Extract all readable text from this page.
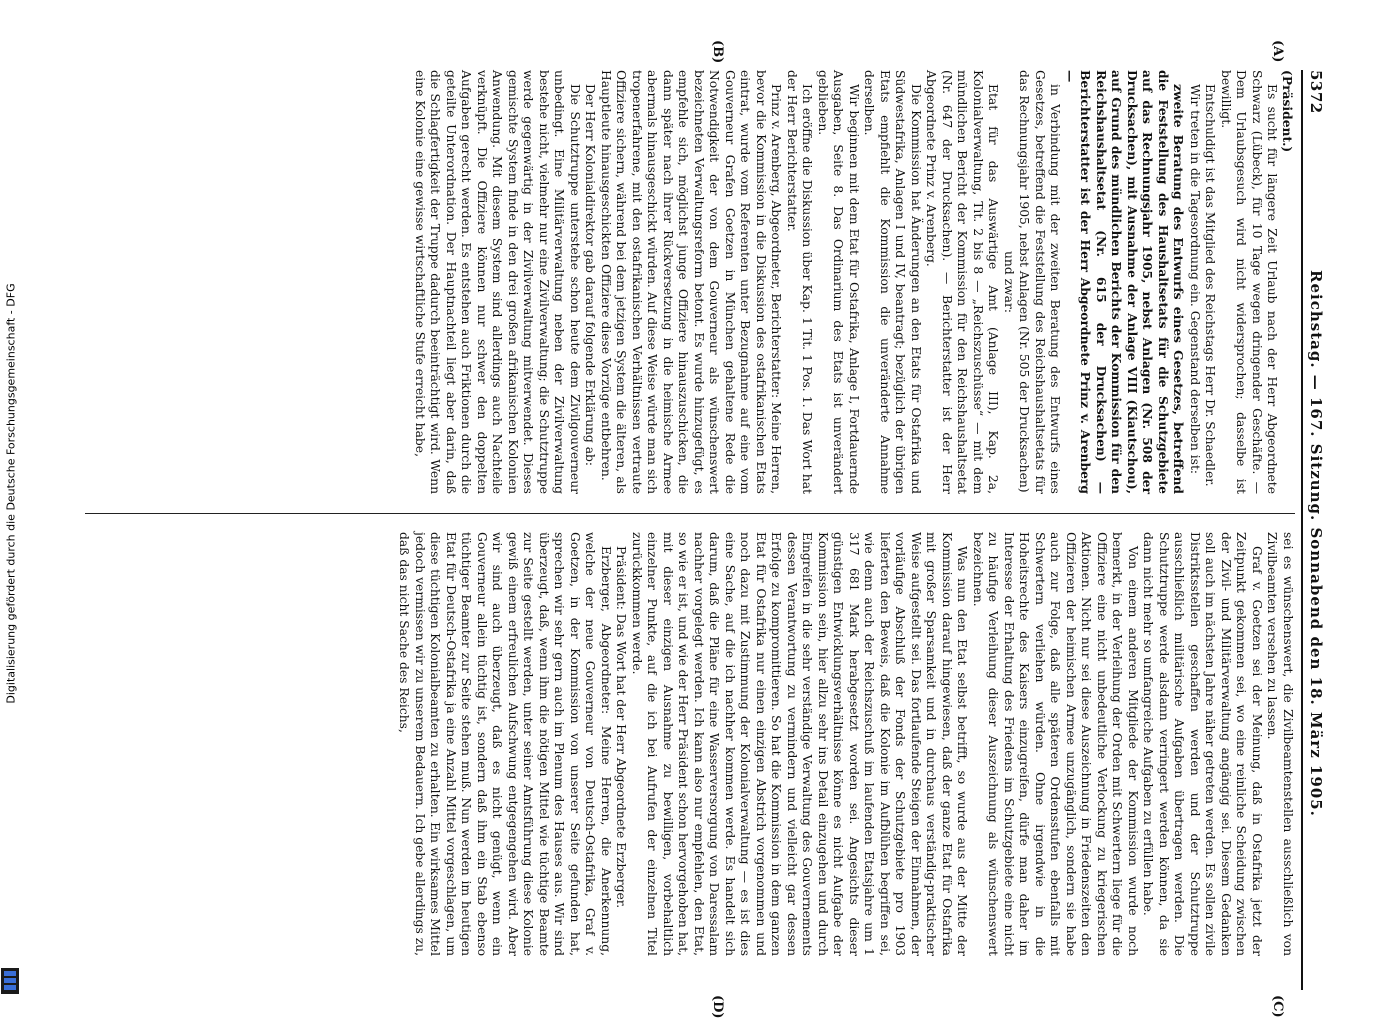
5372
Reichstag. — 167. Sitzung. Sonnabend den 18. März 1905.
(A)
(B)
(C)
(D)

(Präsident.)

Es sucht für längere Zeit Urlaub nach der Herr Abgeordnete Schwarz (Lübeck), für 10 Tage wegen dringender Geschäfte. — Dem Urlaubsgesuch wird nicht widersprochen; dasselbe ist bewilligt.

Entschuldigt ist das Mitglied des Reichstags Herr Dr. Schaedler.

Wir treten in die Tagesordnung ein. Gegenstand derselben ist:

zweite Beratung des Entwurfs eines Gesetzes, betreffend die Feststellung des Haushaltsetats für die Schutzgebiete auf das Rechnungsjahr 1905, nebst Anlagen (Nr. 508 der Drucksachen), mit Ausnahme der Anlage VIII (Kiautschou), auf Grund des mündlichen Berichts der Kommission für den Reichshaushaltsetat (Nr. 615 der Drucksachen) — Berichterstatter ist der Herr Abgeordnete Prinz v. Arenberg —

in Verbindung mit der zweiten Beratung des Entwurfs eines Gesetzes, betreffend die Feststellung des Reichshaushaltsetats für das Rechnungsjahr 1905, nebst Anlagen (Nr. 505 der Drucksachen)

und zwar:

Etat für das Auswärtige Amt (Anlage III), Kap. 2a, Kolonialverwaltung, Tit. 2 bis 8 — „Reichszuschüsse“ — mit dem mündlichen Bericht der Kommission für den Reichshaushaltsetat (Nr. 647 der Drucksachen). — Berichterstatter ist der Herr Abgeordnete Prinz v. Arenberg.

Die Kommission hat Änderungen an den Etats für Ostafrika und Südwestafrika, Anlagen I und IV, beantragt; bezüglich der übrigen Etats empfiehlt die Kommission die unveränderte Annahme derselben.

Wir beginnen mit dem Etat für Ostafrika, Anlage I, Fortdauernde Ausgaben, Seite 8. Das Ordinarium des Etats ist unverändert geblieben.

Ich eröffne die Diskussion über Kap. 1 Tit. 1 Pos. 1. Das Wort hat der Herr Berichterstatter.

Prinz v. Arenberg, Abgeordneter, Berichterstatter: Meine Herren, bevor die Kommission in die Diskussion des ostafrikanischen Etats eintrat, wurde vom Referenten unter Bezugnahme auf eine vom Gouverneur Grafen Goetzen in München gehaltene Rede die Notwendigkeit der von dem Gouverneur als wünschenswert bezeichneten Verwaltungsreform betont. Es wurde hinzugefügt, es empfehle sich, möglichst junge Offiziere hinauszuschicken, die dann später nach ihrer Rückversetzung in die heimische Armee abermals hinausgeschickt würden. Auf diese Weise würde man sich tropenerfahrene, mit den ostafrikanischen Verhältnissen vertraute Offiziere sichern, während bei dem jetzigen System die älteren, als Hauptleute hinausgeschickten Offiziere diese Vorzüge entbehren.

Der Herr Kolonialdirektor gab darauf folgende Erklärung ab:

Die Schutztruppe unterstehe schon heute dem Zivilgouverneur unbedingt. Eine Militärverwaltung neben der Zivilverwaltung bestehe nicht, vielmehr nur eine Zivilverwaltung; die Schutztruppe werde gegenwärtig in der Zivilverwaltung mitverwendet. Dieses gemischte System finde in den drei großen afrikanischen Kolonien Anwendung. Mit diesem System sind allerdings auch Nachteile verknüpft. Die Offiziere können nur schwer den doppelten Aufgaben gerecht werden. Es entstehen auch Friktionen durch die geteilte Unterordnation. Der Hauptnachteil liegt aber darin, daß die Schlagfertigkeit der Truppe dadurch beeinträchtigt wird. Wenn eine Kolonie eine gewisse wirtschaftliche Stufe erreicht habe,

sei es wünschenswert, die Zivilbeamtenstellen ausschließlich von Zivilbeamten versehen zu lassen.

Graf v. Goetzen sei der Meinung, daß in Ostafrika jetzt der Zeitpunkt gekommen sei, wo eine reinliche Scheidung zwischen der Zivil- und Militärverwaltung angängig sei. Diesem Gedanken soll auch im nächsten Jahre näher getreten werden. Es sollen zivile Distriktsstellen geschaffen werden und der Schutztruppe ausschließlich militärische Aufgaben übertragen werden. Die Schutztruppe werde alsdann verringert werden können, da sie dann nicht mehr so umfangreiche Aufgaben zu erfüllen habe.

Von einem anderen Mitgliede der Kommission wurde noch bemerkt, in der Verleihung der Orden mit Schwertern liege für die Offiziere eine nicht unbedeutliche Verlockung zu kriegerischen Aktionen. Nicht nur sei diese Auszeichnung in Friedenszeiten den Offizieren der heimischen Armee unzugänglich, sondern sie habe auch zur Folge, daß alle späteren Ordensstufen ebenfalls mit Schwertern verliehen würden. Ohne irgendwie in die Hoheitsrechte des Kaisers einzugreifen, dürfe man daher im Interesse der Erhaltung des Friedens im Schutzgebiete eine nicht zu häufige Verleihung dieser Auszeichnung als wünschenswert bezeichnen.

Was nun den Etat selbst betrifft, so wurde aus der Mitte der Kommission darauf hingewiesen, daß der ganze Etat für Ostafrika mit großer Sparsamkeit und in durchaus verständig-praktischer Weise aufgestellt sei. Das fortlaufende Steigen der Einnahmen, der vorläufige Abschluß der Fonds der Schutzgebiete pro 1903 lieferten den Beweis, daß die Kolonie im Aufblühen begriffen sei, wie denn auch der Reichszuschuß im laufenden Etatsjahre um 1 317 681 Mark herabgesetzt worden sei. Angesichts dieser günstigen Entwicklungsverhältnisse könne es nicht Aufgabe der Kommission sein, hier allzu sehr ins Detail einzugehen und durch Eingreifen in die sehr verständige Verwaltung des Gouvernements dessen Verantwortung zu vermindern und vielleicht gar dessen Erfolge zu kompromittieren. So hat die Kommission in dem ganzen Etat für Ostafrika nur einen einzigen Abstrich vorgenommen und noch dazu mit Zustimmung der Kolonialverwaltung — es ist dies eine Sache, auf die ich nachher kommen werde. Es handelt sich darum, daß die Pläne für eine Wasserversorgung von Daressalam nachher vorgelegt werden. Ich kann also nur empfehlen, den Etat, so wie er ist, und wie der Herr Präsident schon hervorgehoben hat, mit dieser einzigen Ausnahme zu bewilligen, vorbehaltlich einzelner Punkte, auf die ich bei Aufrufen der einzelnen Titel zurückkommen werde.

Präsident: Das Wort hat der Herr Abgeordnete Erzberger.

Erzberger, Abgeordneter: Meine Herren, die Anerkennung, welche der neue Gouverneur von Deutsch-Ostafrika, Graf v. Goetzen, in der Kommission von unserer Seite gefunden hat, sprechen wir sehr gern auch im Plenum des Hauses aus. Wir sind überzeugt, daß, wenn ihm die nötigen Mittel wie tüchtige Beamte zur Seite gestellt werden, unter seiner Amtsführung diese Kolonie gewiß einem erfreulichen Aufschwung entgegengehen wird. Aber wir sind auch überzeugt, daß es nicht genügt, wenn ein Gouverneur allein tüchtig ist, sondern daß ihm ein Stab ebenso tüchtiger Beamter zur Seite stehen muß. Nun werden im heutigen Etat für Deutsch-Ostafrika ja eine Anzahl Mittel vorgeschlagen, um diese tüchtigen Kolonialbeamten zu erhalten. Ein wirksames Mittel jedoch vermissen wir zu unserem Bedauern. Ich gebe allerdings zu, daß das nicht Sache des Reichs,

Digitalisierung gefördert durch die Deutsche Forschungsgemeinschaft - DFG
